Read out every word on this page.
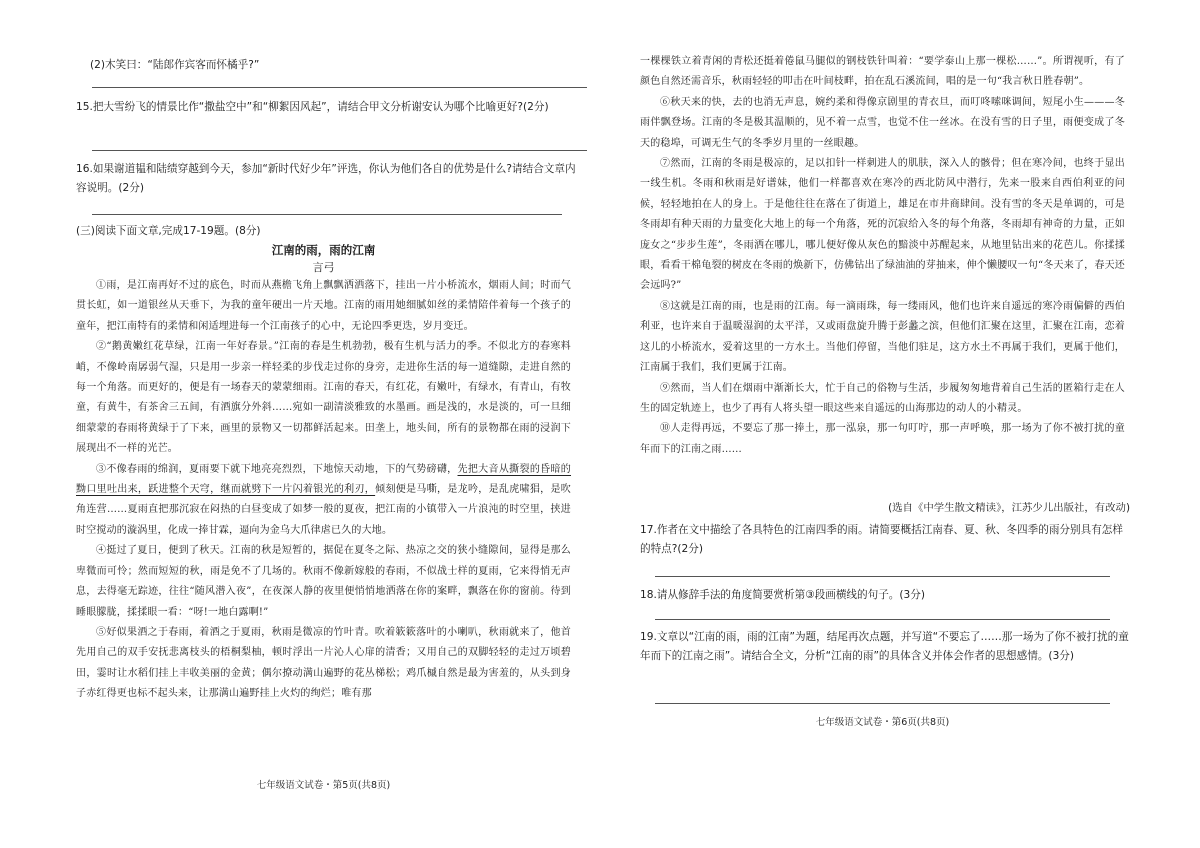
(2)木笑曰：“陆郎作宾客而怀橘乎?”
15.把大雪纷飞的情景比作“撒盐空中”和“柳絮因风起”，请结合甲文分析谢安认为哪个比喻更好?(2分)
16.如果谢道韫和陆绩穿越到今天，参加“新时代好少年”评选，你认为他们各自的优势是什么?请结合文章内容说明。(2分)
(三)阅读下面文章,完成17-19题。(8分)
江南的雨，雨的江南
言弓

①雨，是江南再好不过的底色，时而从燕檐飞角上飘飘洒洒落下，挂出一片小桥流水，烟雨人间；时而气贯长虹，如一道银丝从天垂下，为我的童年硬出一片天地。江南的雨用她细腻如丝的柔情陪伴着每一个孩子的童年，把江南特有的柔情和闲适埋进每一个江南孩子的心中，无论四季更迭，岁月变迁。

②“鹅黄嫩红花草绿，江南一年好春景。”江南的春是生机勃勃，极有生机与活力的季。不似北方的春寒料峭，不像岭南孱弱气湿，只是用一步亲一样轻柔的步伐走过你的身旁，走进你生活的每一道缝隙，走进自然的每一个角落。而更好的，便是有一场春天的蒙蒙细雨。江南的春天，有红花，有嫩叶，有绿水，有青山，有牧童，有黄牛，有茶舍三五间，有酒旗分外斜……宛如一副清淡雅致的水墨画。画是浅的，水是淡的，可一旦细细蒙蒙的春雨将黄绿于了下来，画里的景物又一切都鲜活起来。田垄上，地头间，所有的景物都在雨的浸润下展现出不一样的光芒。

③不像春雨的绵润，夏雨要下就下地亮亮烈烈，下地惊天动地，下的气势磅礴，先把大音从撕裂的昏暗的黝口里吐出来，跃进整个天穹，继而就劈下一片闪着银光的利刃，倾刻便是马嘶，是龙吟，是乱虎啸猖，是吹角连营……夏雨直把那沉寂在闷热的白昼变成了如梦一般的夏夜，把江南的小镇带入一片浪沌的时空里，挟进时空搅动的漩涡里，化成一捧甘霖，逼向为金乌大爪律虐已久的大地。

④挺过了夏日，便到了秋天。江南的秋是短暂的，据促在夏冬之际、热凉之交的狭小缝隙间，显得是那么卑微而可怜；然而短短的秋，雨是免不了几场的。秋雨不像新嫁般的春雨，不似战士样的夏雨，它来得悄无声息，去得毫无踪迹，往往“随风潜入夜”，在夜深人静的夜里便悄悄地洒落在你的案畔，飘落在你的窗前。待到睡眼朦胧，揉揉眼一看：“呀!一地白露啊!”

⑤好似果酒之于春雨，着酒之于夏雨，秋雨是微凉的竹叶青。吹着簌簌落叶的小喇叭，秋雨就来了，他首先用自己的双手安抚悲离枝头的梧桐梨柚，顿时浮出一片沁人心扉的清香；又用自己的双脚轻轻的走过万顷碧田，霎时让水稻们挂上丰收美丽的金黄；偶尔撩动满山遍野的花丛梯松；鸡爪槭自然是最为害羞的，从头到身子赤红得更也标不起头来，让那满山遍野挂上火灼的绚烂；唯有那

七年级语文试卷・第5页(共8页)

一棵棵铁立着青闲的青松还挺着倦鼠马腿似的钢枝铁针叫着：“要学泰山上那一棵松……”。所谓视听，有了颜色自然还需音乐，秋雨轻轻的叩击在叶间枝畔，拍在乱石溪流间，唱的是一句“我言秋日胜春朝”。

⑥秋天来的快，去的也消无声息，婉约柔和得像京剧里的青衣旦，而叮咚嗦咪调间，短尾小生———冬雨伴飘登场。江南的冬是极其温顺的，见不着一点雪，也觉不住一丝冰。在没有雪的日子里，雨便变成了冬天的稳埠，可调无生气的冬季岁月里的一丝眼趣。

⑦然而，江南的冬雨是极凉的，足以扣针一样刺进人的肌肤，深入人的骸骨；但在寒冷间，也终于显出一线生机。冬雨和秋雨是好谱妹，他们一样都喜欢在寒冷的西北防风中潜行，先来一股来自西伯利亚的问候，轻轻地拍在人的身上。于是他往往在落在了街道上，雄足在市井商肆间。没有雪的冬天是单调的，可是冬雨却有种天雨的力量变化大地上的每一个角落，死的沉寂给入冬的每个角落，冬雨却有神奇的力量，正如庞女之“步步生莲”，冬雨洒在哪儿，哪儿便好像从灰色的黯淡中苏醒起来，从地里钻出来的花芭儿。你揉揉眼，看看干棉龟裂的树皮在冬雨的焕新下，仿佛钻出了绿油油的芽抽来，伸个懒腰叹一句“冬天来了，春天还会远吗?”

⑧这就是江南的雨，也是雨的江南。每一滴雨珠，每一缕雨风，他们也许来自遥远的寒冷雨偏僻的西伯利亚，也许来自于温暖湿润的太平洋，又或雨盘旋升腾于彭蠡之滨，但他们汇聚在这里，汇聚在江南，恋着这儿的小桥流水，爱着这里的一方水土。当他们停留，当他们驻足，这方水土不再属于我们，更属于他们，江南属于我们，我们更属于江南。

⑨然而，当人们在烟雨中渐渐长大，忙于自己的俗物与生活，步履匆匆地背着自己生活的匿箱行走在人生的固定轨迹上，也少了再有人将头望一眼这些来自遥远的山海那边的动人的小精灵。

⑩人走得再远，不要忘了那一捧土，那一泓泉，那一句叮咛，那一声呼唤，那一场为了你不被打扰的童年而下的江南之雨……

(选自《中学生散文精读》，江苏少儿出版社，有改动)
17.作者在文中描绘了各具特色的江南四季的雨。请简要概括江南春、夏、秋、冬四季的雨分别具有怎样的特点?(2分)
18.请从修辞手法的角度简要赏析第③段画横线的句子。(3分)
19.文章以“江南的雨，雨的江南”为题，结尾再次点题，并写道“不要忘了……那一场为了你不被打扰的童年而下的江南之雨”。请结合全文，分析“江南的雨”的具体含义并体会作者的思想感情。(3分)
七年级语文试卷・第6页(共8页)
